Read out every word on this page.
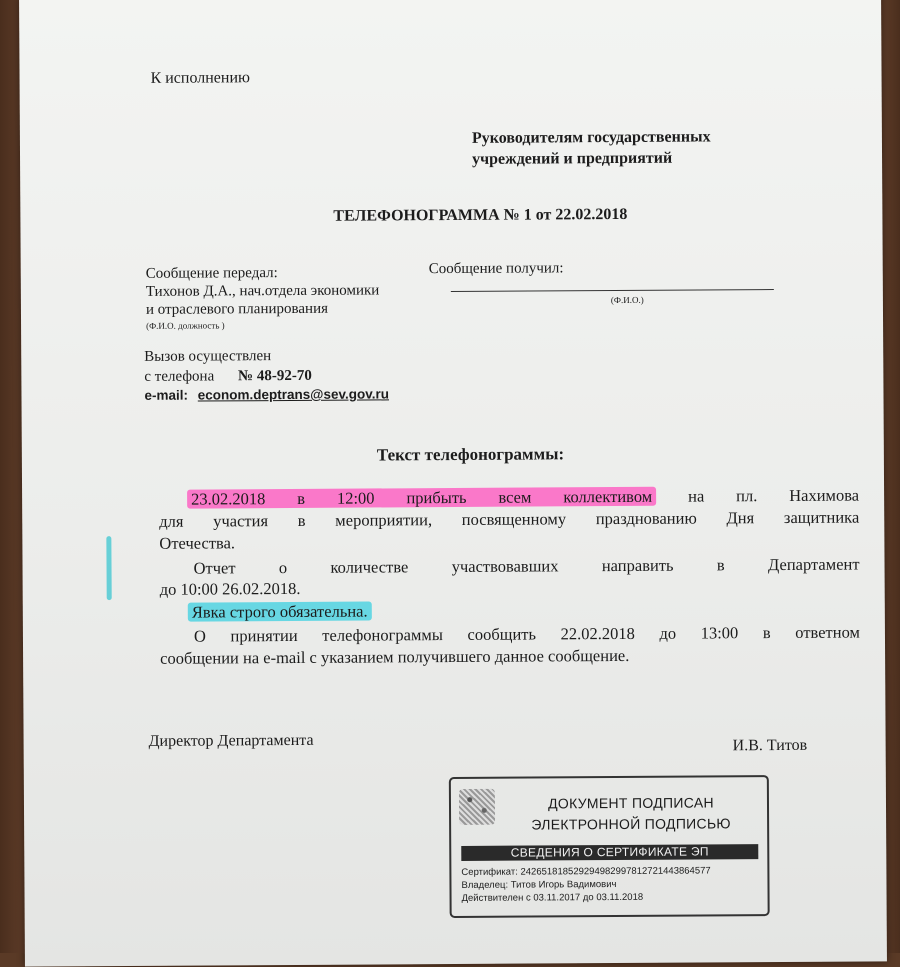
К исполнению
Руководителям государственных
учреждений и предприятий
ТЕЛЕФОНОГРАММА № 1 от 22.02.2018
Сообщение передал:
Тихонов Д.А., нач.отдела экономики
и отраслевого планирования
(Ф.И.О. должность )
Сообщение получил:
(Ф.И.О.)
Вызов осуществлен
с телефона № 48-92-70
e-mail: econom.deptrans@sev.gov.ru
Текст телефонограммы:
23.02.2018 в 12:00 прибыть всем коллективом на пл. Нахимова
для участия в мероприятии, посвященному празднованию Дня защитника
Отечества.
Отчет о количестве участвовавших направить в Департамент
до 10:00 26.02.2018.
Явка строго обязательна.
О принятии телефонограммы сообщить 22.02.2018 до 13:00 в ответном
сообщении на e-mail с указанием получившего данное сообщение.
Директор Департамента	И.В. Титов
ДОКУМЕНТ ПОДПИСАН
ЭЛЕКТРОННОЙ ПОДПИСЬЮ
СВЕДЕНИЯ О СЕРТИФИКАТЕ ЭП
Сертификат: 242651818529294982997812721443864577
Владелец: Титов Игорь Вадимович
Действителен с 03.11.2017 до 03.11.2018
